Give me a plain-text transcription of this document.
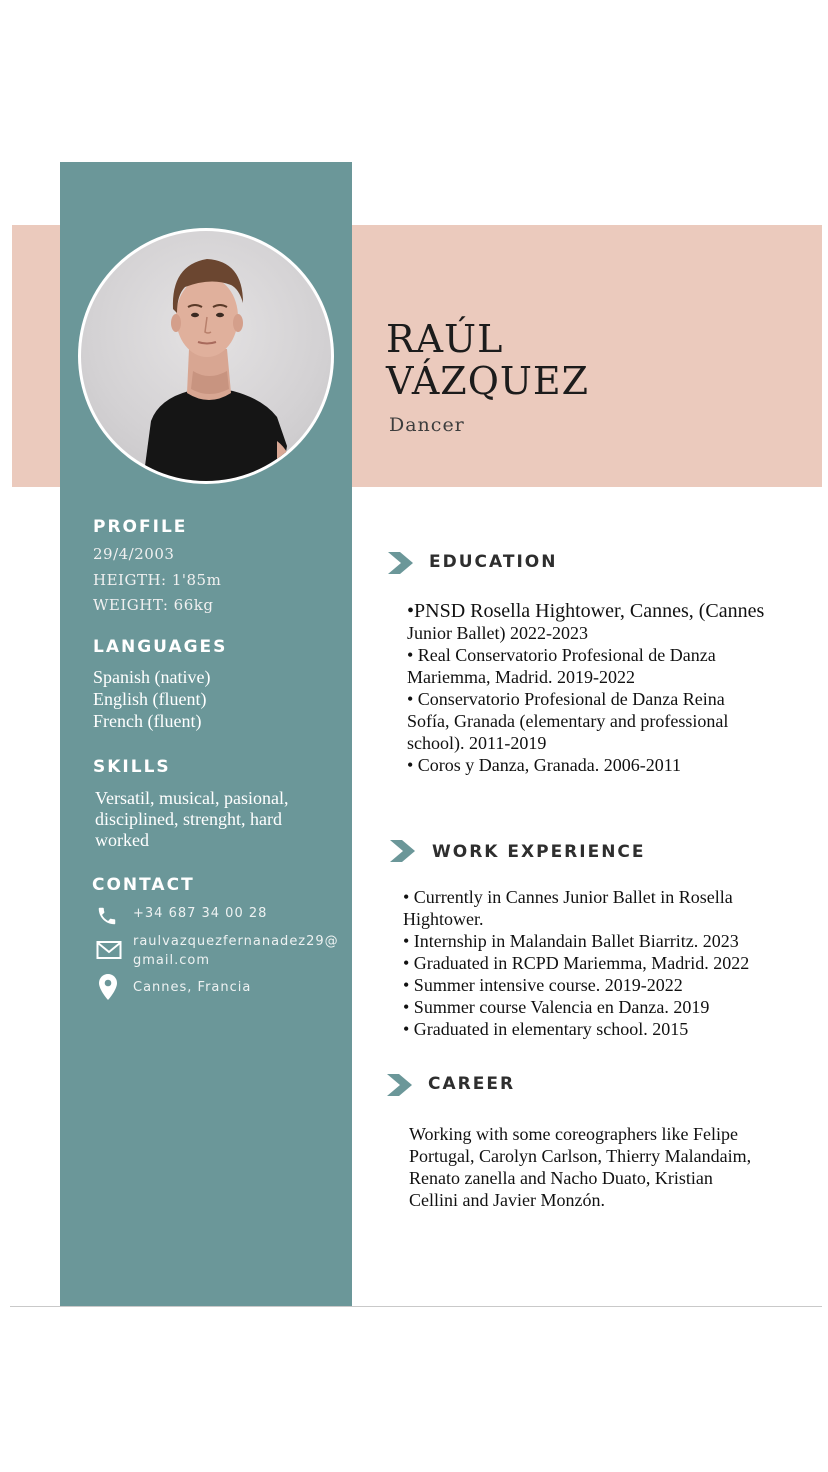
RAÚL
VÁZQUEZ
Dancer
PROFILE
29/4/2003
HEIGTH: 1'85m
WEIGHT: 66kg
LANGUAGES
Spanish (native)
English (fluent)
French (fluent)
SKILLS
Versatil, musical, pasional, disciplined, strenght, hard worked
CONTACT
+34 687 34 00 28
raulvazquezfernanadez29@
gmail.com
Cannes, Francia
EDUCATION
•PNSD Rosella Hightower, Cannes, (Cannes
Junior Ballet) 2022-2023
• Real Conservatorio Profesional de Danza
Mariemma, Madrid. 2019-2022
• Conservatorio Profesional de Danza Reina
Sofía, Granada (elementary and professional
school). 2011-2019
• Coros y Danza, Granada. 2006-2011
WORK EXPERIENCE
• Currently in Cannes Junior Ballet in Rosella
Hightower.
• Internship in Malandain Ballet Biarritz. 2023
• Graduated in RCPD Mariemma, Madrid. 2022
• Summer intensive course. 2019-2022
• Summer course Valencia en Danza. 2019
• Graduated in elementary school. 2015
CAREER
Working with some coreographers like Felipe
Portugal, Carolyn Carlson, Thierry Malandaim,
Renato zanella and Nacho Duato, Kristian
Cellini and Javier Monzón.
